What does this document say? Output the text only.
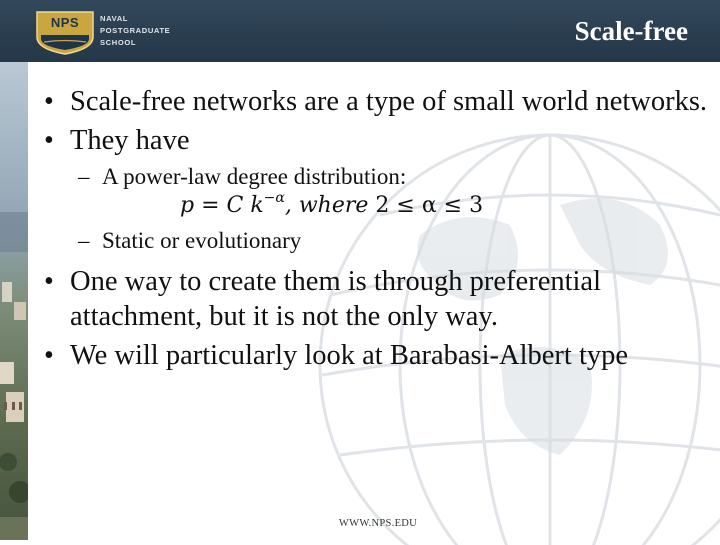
NPS	NAVAL
POSTGRADUATE
SCHOOL	Scale-free
• Scale-free networks are a type of small world networks.
• They have
– A power-law degree distribution:
p = C $k^{-\alpha}$, where 2 ≤ α ≤ 3
– Static or evolutionary
• One way to create them is through preferential attachment, but it is not the only way.
• We will particularly look at Barabasi-Albert type
WWW.NPS.EDU
